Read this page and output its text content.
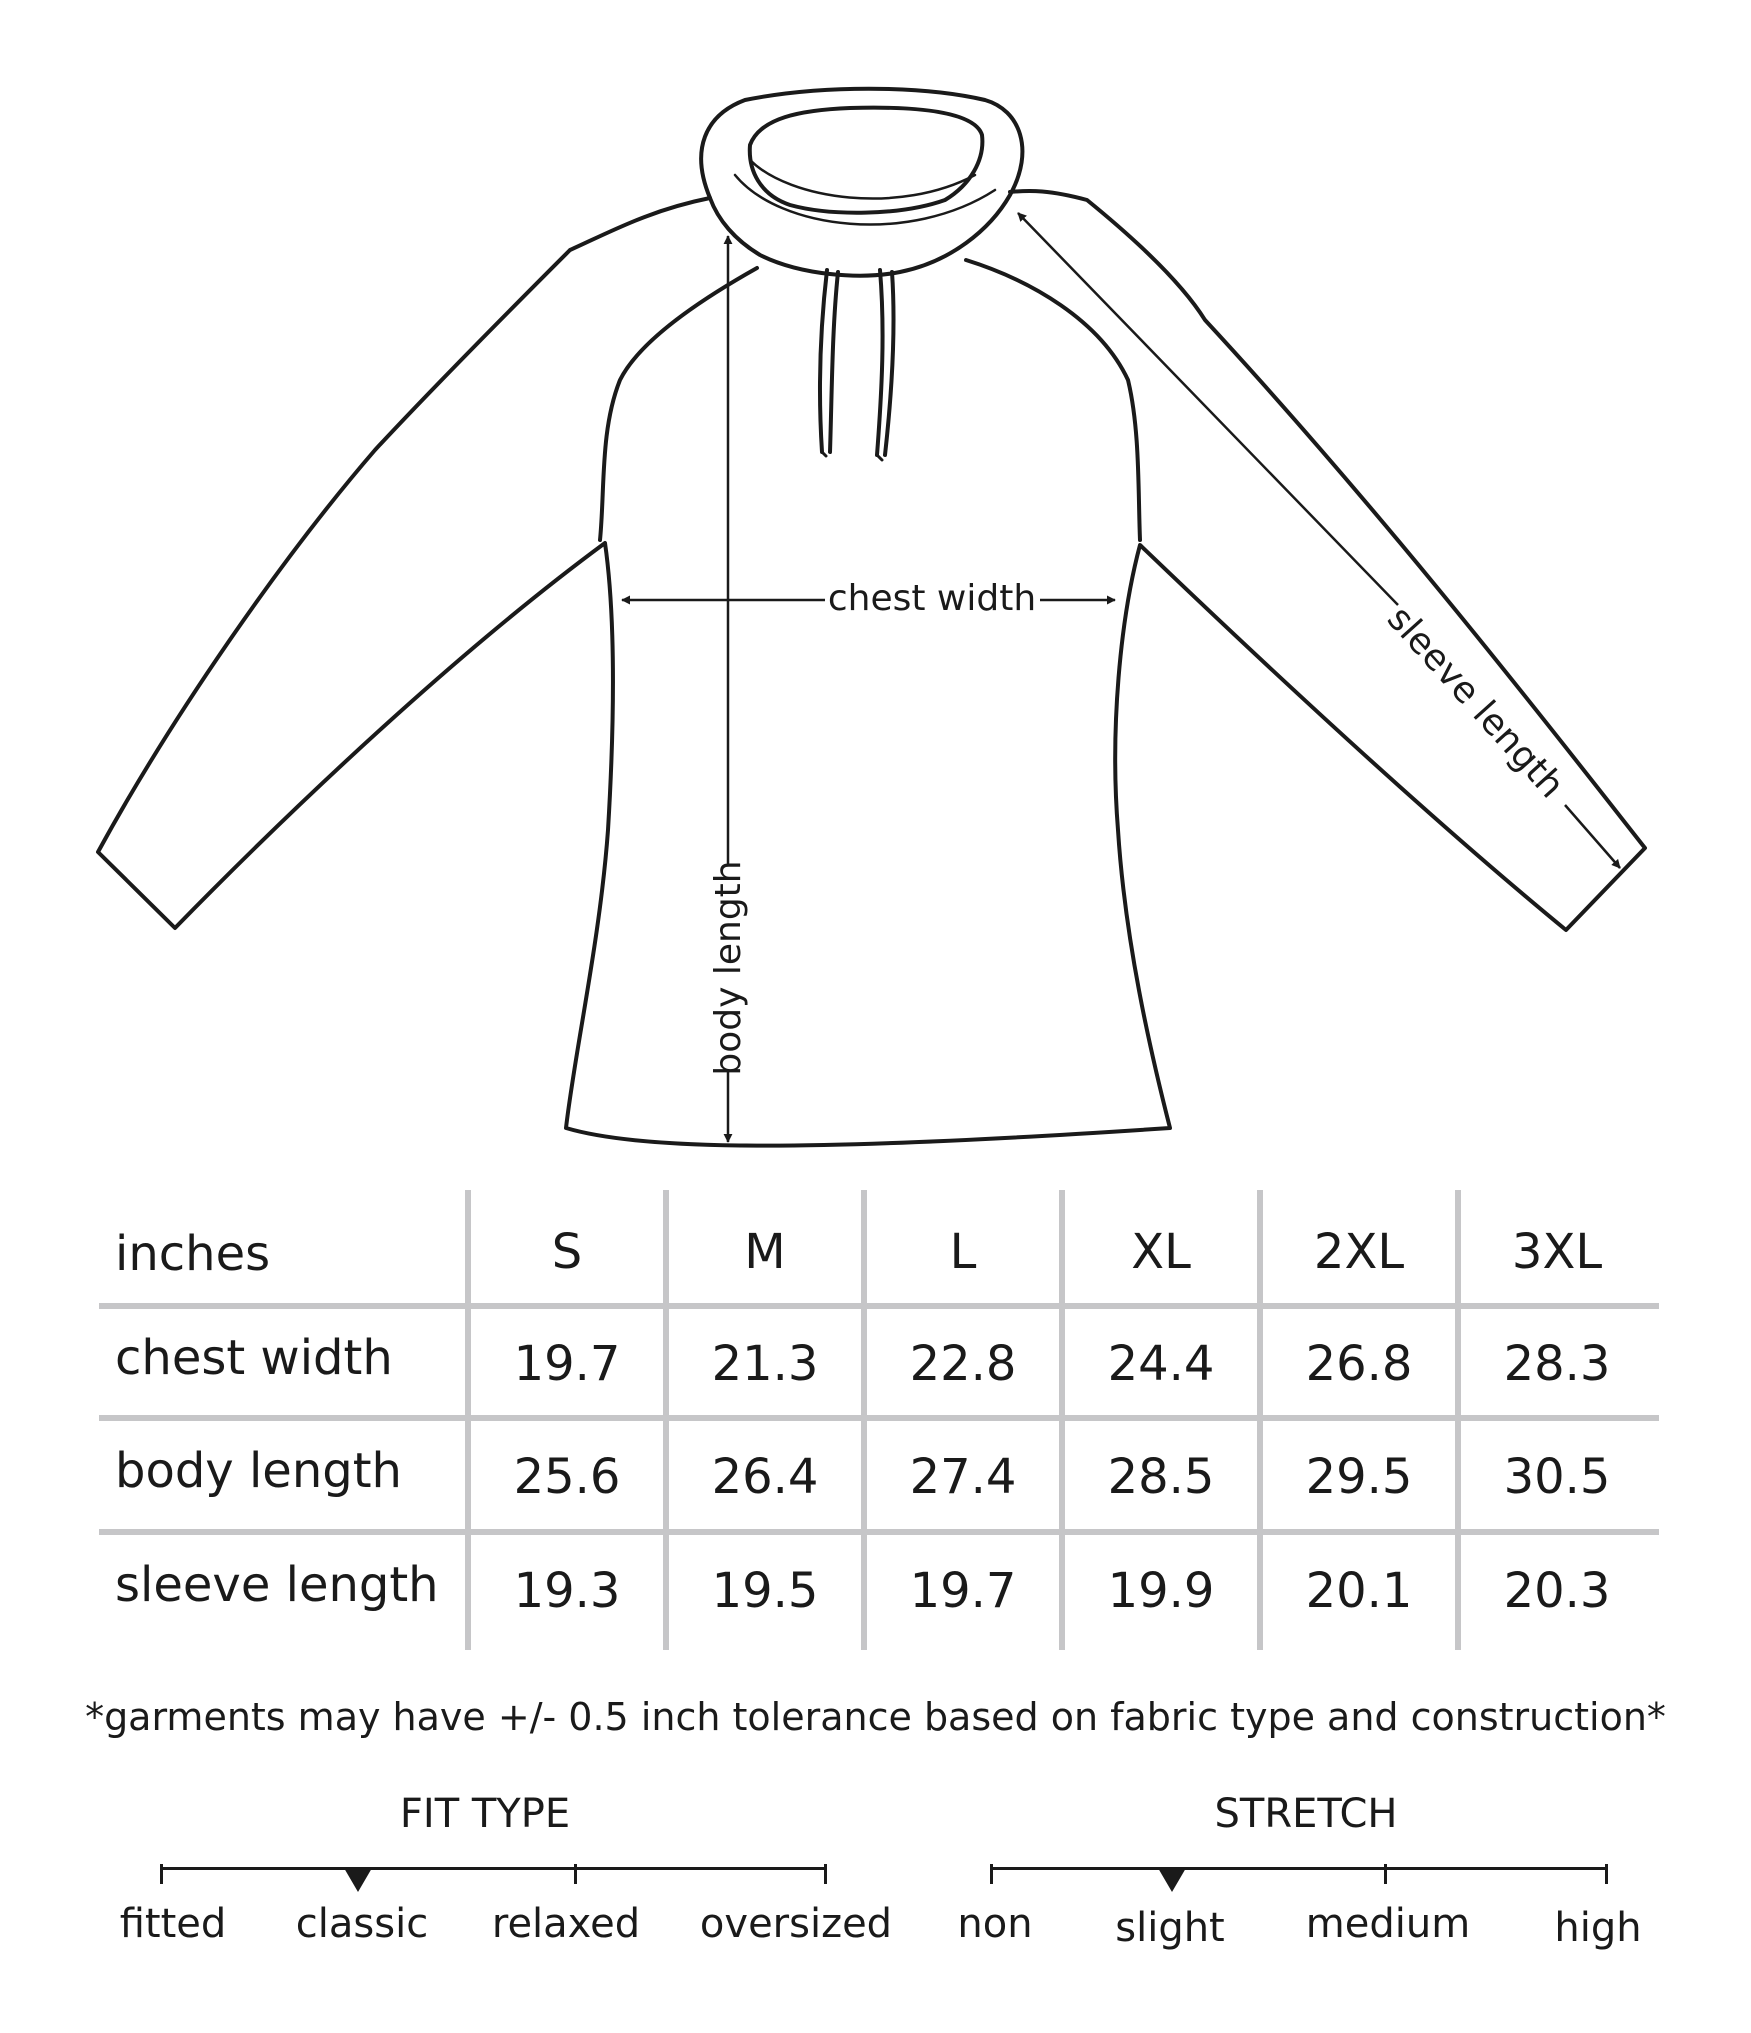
chest width
body length
sleeve length
inches	S	M	L	XL	2XL	3XL
chest width	19.7	21.3	22.8	24.4	26.8	28.3
body length	25.6	26.4	27.4	28.5	29.5	30.5
sleeve length	19.3	19.5	19.7	19.9	20.1	20.3
*garments may have +/- 0.5 inch tolerance based on fabric type and construction*
FIT TYPE
fitted	classic	relaxed	oversized
STRETCH
non	slight	medium	high
